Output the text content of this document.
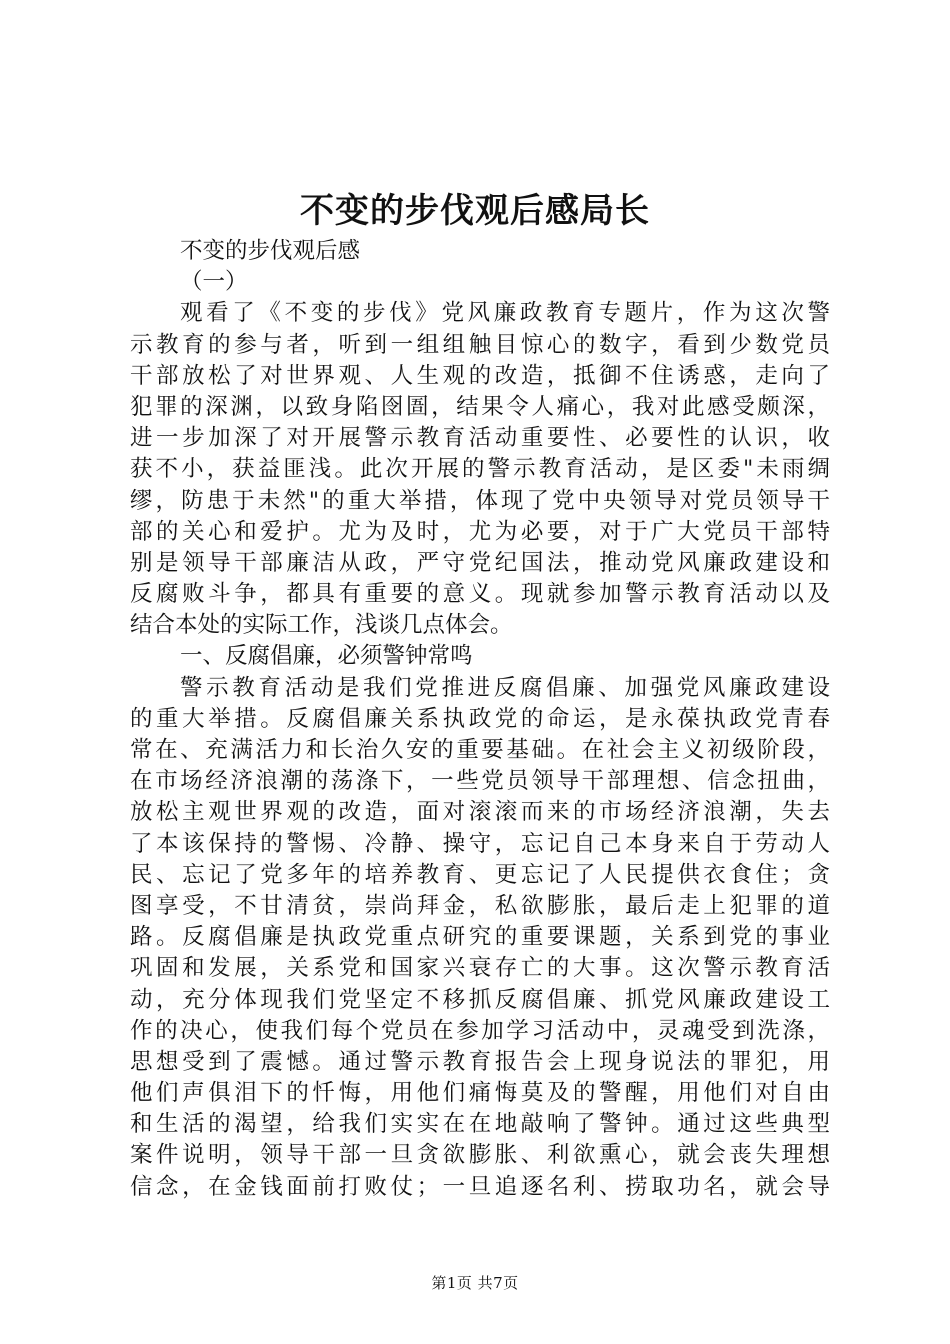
不变的步伐观后感局长
不变的步伐观后感
（一）
观看了《不变的步伐》党风廉政教育专题片，作为这次警
示教育的参与者，听到一组组触目惊心的数字，看到少数党员
干部放松了对世界观、人生观的改造，抵御不住诱惑，走向了
犯罪的深渊，以致身陷囹圄，结果令人痛心，我对此感受颇深，
进一步加深了对开展警示教育活动重要性、必要性的认识，收
获不小，获益匪浅。此次开展的警示教育活动，是区委"未雨绸
缪，防患于未然"的重大举措，体现了党中央领导对党员领导干
部的关心和爱护。尤为及时，尤为必要，对于广大党员干部特
别是领导干部廉洁从政，严守党纪国法，推动党风廉政建设和
反腐败斗争，都具有重要的意义。现就参加警示教育活动以及
结合本处的实际工作，浅谈几点体会。
一、反腐倡廉，必须警钟常鸣
警示教育活动是我们党推进反腐倡廉、加强党风廉政建设
的重大举措。反腐倡廉关系执政党的命运，是永葆执政党青春
常在、充满活力和长治久安的重要基础。在社会主义初级阶段，
在市场经济浪潮的荡涤下，一些党员领导干部理想、信念扭曲，
放松主观世界观的改造，面对滚滚而来的市场经济浪潮，失去
了本该保持的警惕、冷静、操守，忘记自己本身来自于劳动人
民、忘记了党多年的培养教育、更忘记了人民提供衣食住；贪
图享受，不甘清贫，崇尚拜金，私欲膨胀，最后走上犯罪的道
路。反腐倡廉是执政党重点研究的重要课题，关系到党的事业
巩固和发展，关系党和国家兴衰存亡的大事。这次警示教育活
动，充分体现我们党坚定不移抓反腐倡廉、抓党风廉政建设工
作的决心，使我们每个党员在参加学习活动中，灵魂受到洗涤，
思想受到了震憾。通过警示教育报告会上现身说法的罪犯，用
他们声俱泪下的忏悔，用他们痛悔莫及的警醒，用他们对自由
和生活的渴望，给我们实实在在地敲响了警钟。通过这些典型
案件说明，领导干部一旦贪欲膨胀、利欲熏心，就会丧失理想
信念，在金钱面前打败仗；一旦追逐名利、捞取功名，就会导
第1页 共7页
